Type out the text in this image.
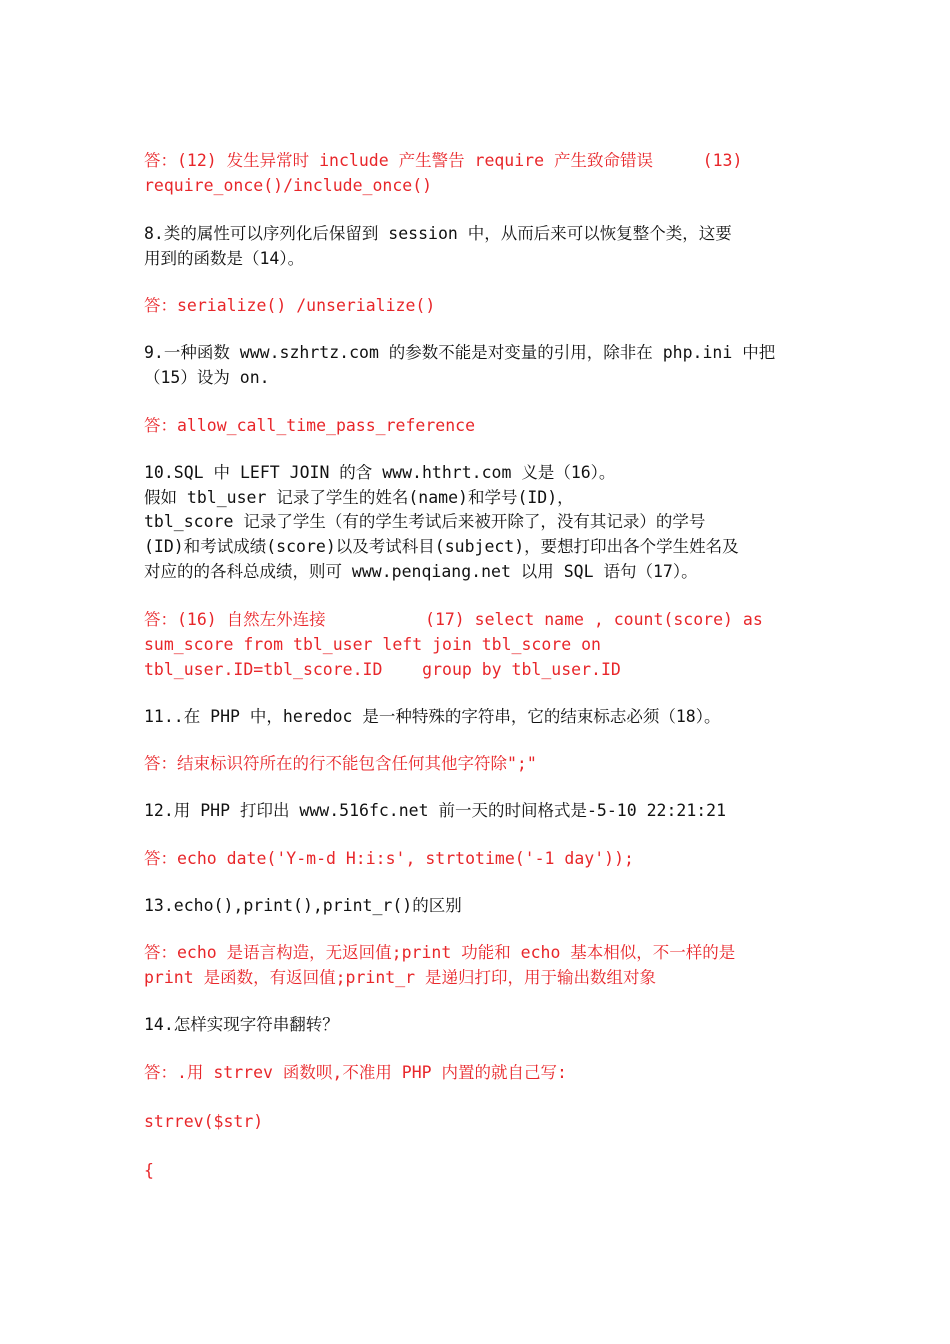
答：(12) 发生异常时 include 产生警告 require 产生致命错误     (13)

require_once()/include_once()

8.类的属性可以序列化后保留到 session 中，从而后来可以恢复整个类，这要

用到的函数是（14）。

答：serialize() /unserialize()

9.一种函数 www.szhrtz.com 的参数不能是对变量的引用，除非在 php.ini 中把

（15）设为 on.

答：allow_call_time_pass_reference

10.SQL 中 LEFT JOIN 的含 www.hthrt.com 义是（16）。

假如 tbl_user 记录了学生的姓名(name)和学号(ID)，

tbl_score 记录了学生（有的学生考试后来被开除了，没有其记录）的学号

(ID)和考试成绩(score)以及考试科目(subject)，要想打印出各个学生姓名及

对应的的各科总成绩，则可 www.penqiang.net 以用 SQL 语句（17）。

答：(16) 自然左外连接          (17) select name , count(score) as

sum_score from tbl_user left join tbl_score on

tbl_user.ID=tbl_score.ID    group by tbl_user.ID

11..在 PHP 中，heredoc 是一种特殊的字符串，它的结束标志必须（18）。

答：结束标识符所在的行不能包含任何其他字符除";"

12.用 PHP 打印出 www.516fc.net 前一天的时间格式是-5-10 22:21:21

答：echo date('Y-m-d H:i:s', strtotime('-1 day'));

13.echo(),print(),print_r()的区别

答：echo 是语言构造，无返回值;print 功能和 echo 基本相似，不一样的是

print 是函数，有返回值;print_r 是递归打印，用于输出数组对象

14.怎样实现字符串翻转？

答：.用 strrev 函数呗,不准用 PHP 内置的就自己写:

strrev($str)

{
